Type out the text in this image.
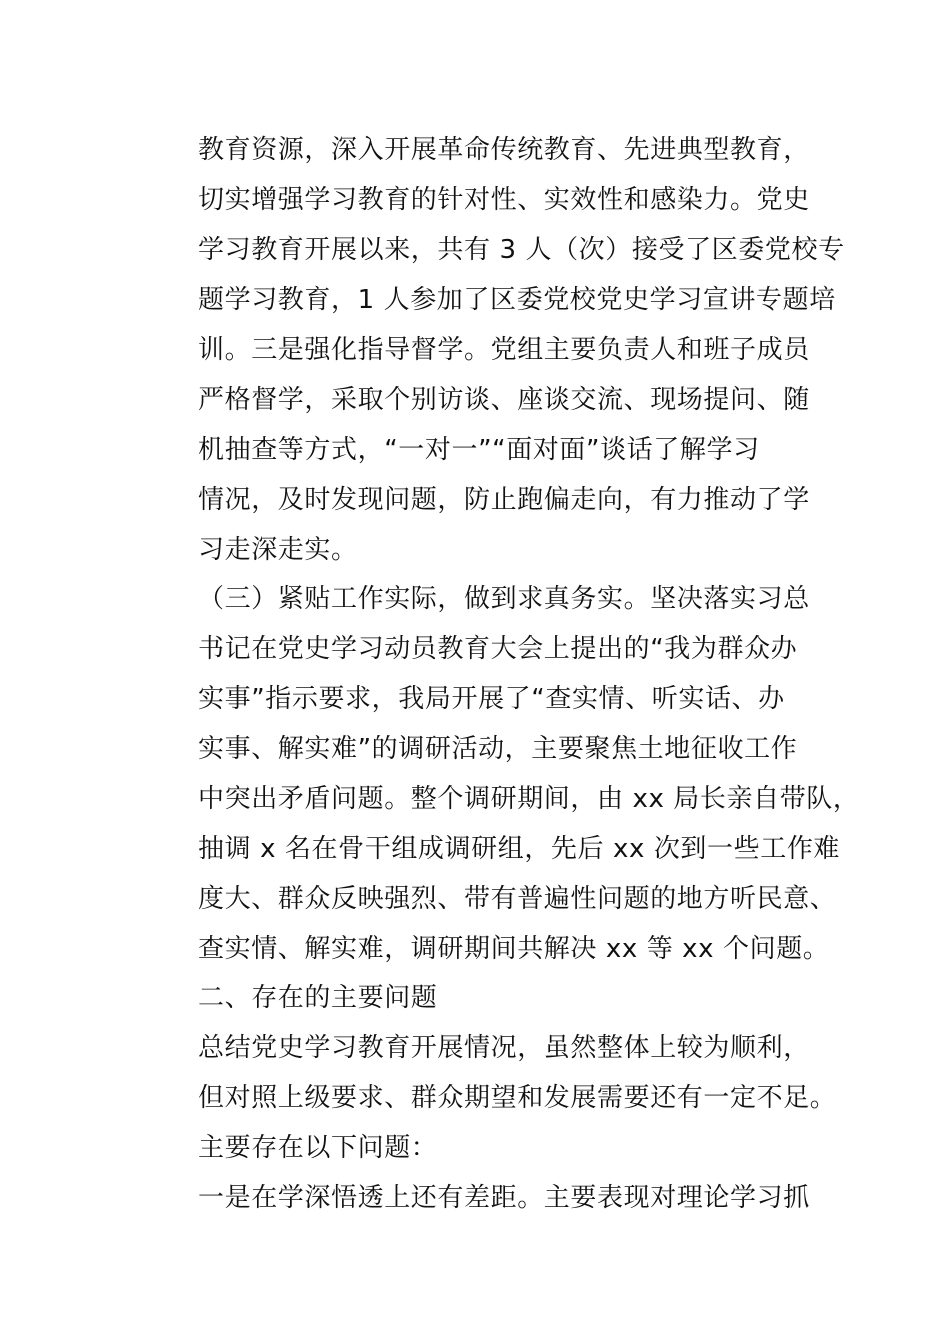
教育资源，深入开展革命传统教育、先进典型教育，
切实增强学习教育的针对性、实效性和感染力。党史
学习教育开展以来，共有 3 人（次）接受了区委党校专
题学习教育，1 人参加了区委党校党史学习宣讲专题培
训。三是强化指导督学。党组主要负责人和班子成员
严格督学，采取个别访谈、座谈交流、现场提问、随
机抽查等方式，“一对一”“面对面”谈话了解学习
情况，及时发现问题，防止跑偏走向，有力推动了学
习走深走实。
（三）紧贴工作实际，做到求真务实。坚决落实习总
书记在党史学习动员教育大会上提出的“我为群众办
实事”指示要求，我局开展了“查实情、听实话、办
实事、解实难”的调研活动，主要聚焦土地征收工作
中突出矛盾问题。整个调研期间，由 xx 局长亲自带队，
抽调 x 名在骨干组成调研组，先后 xx 次到一些工作难
度大、群众反映强烈、带有普遍性问题的地方听民意、
查实情、解实难，调研期间共解决 xx 等 xx 个问题。
二、存在的主要问题
总结党史学习教育开展情况，虽然整体上较为顺利，
但对照上级要求、群众期望和发展需要还有一定不足。
主要存在以下问题：
一是在学深悟透上还有差距。主要表现对理论学习抓
